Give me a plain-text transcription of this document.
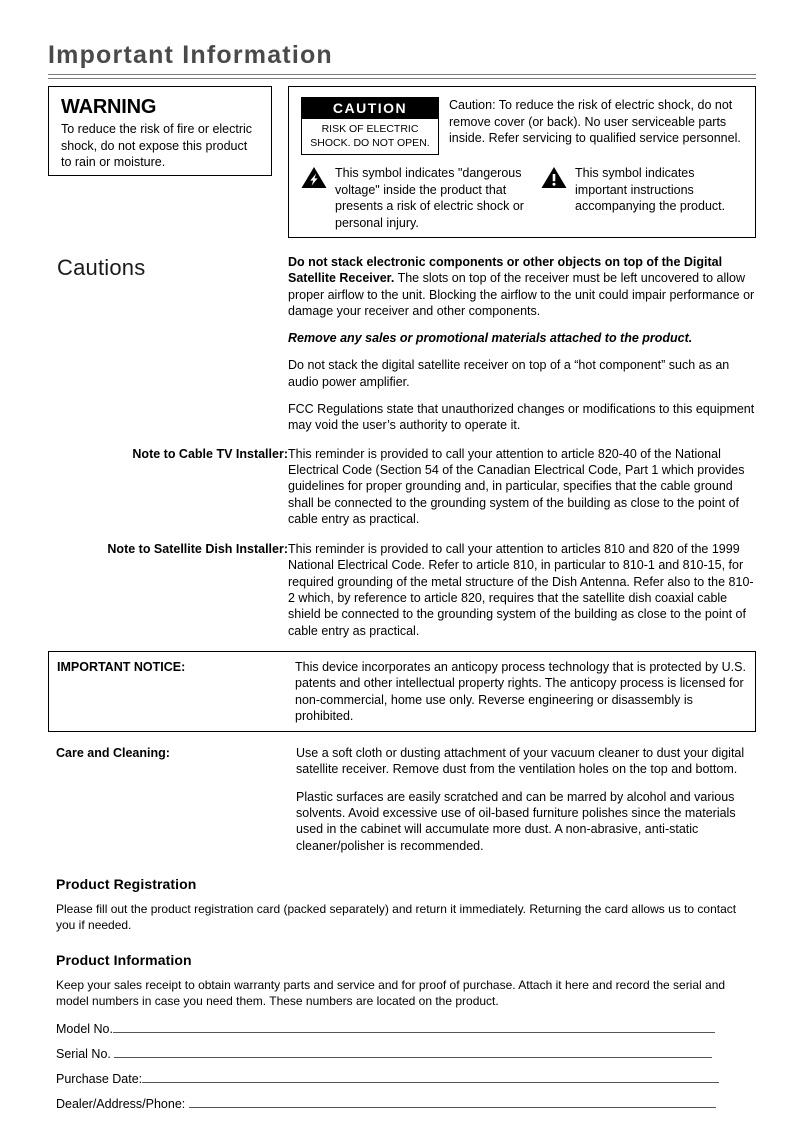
Important Information
WARNING
To reduce the risk of fire or electric shock, do not expose this product to rain or moisture.
CAUTION
RISK OF ELECTRIC
SHOCK. DO NOT OPEN.
Caution: To reduce the risk of electric shock, do not remove cover (or back). No user serviceable parts inside. Refer servicing to qualified service personnel.
This symbol indicates "dangerous voltage" inside the product that presents a risk of electric shock or personal injury.
This symbol indicates important instructions accompanying the product.
Cautions	Do not stack electronic components or other objects on top of the Digital Satellite Receiver. The slots on top of the receiver must be left uncovered to allow proper airflow to the unit. Blocking the airflow to the unit could impair performance or damage your receiver and other components.

Remove any sales or promotional materials attached to the product.

Do not stack the digital satellite receiver on top of a “hot component” such as an audio power amplifier.

FCC Regulations state that unauthorized changes or modifications to this equipment may void the user’s authority to operate it.

Note to Cable TV Installer: This reminder is provided to call your attention to article 820-40 of the National Electrical Code (Section 54 of the Canadian Electrical Code, Part 1 which provides guidelines for proper grounding and, in particular, specifies that the cable ground shall be connected to the grounding system of the building as close to the point of cable entry as practical.
Note to Satellite Dish Installer: This reminder is provided to call your attention to articles 810 and 820 of the 1999 National Electrical Code. Refer to article 810, in particular to 810-1 and 810-15, for required grounding of the metal structure of the Dish Antenna. Refer also to the 810-2 which, by reference to article 820, requires that the satellite dish coaxial cable shield be connected to the grounding system of the building as close to the point of cable entry as practical.
IMPORTANT NOTICE:	This device incorporates an anticopy process technology that is protected by U.S. patents and other intellectual property rights. The anticopy process is licensed for non-commercial, home use only. Reverse engineering or disassembly is prohibited.
Care and Cleaning:	Use a soft cloth or dusting attachment of your vacuum cleaner to dust your digital satellite receiver. Remove dust from the ventilation holes on the top and bottom.

Plastic surfaces are easily scratched and can be marred by alcohol and various solvents. Avoid excessive use of oil-based furniture polishes since the materials used in the cabinet will accumulate more dust. A non-abrasive, anti-static cleaner/polisher is recommended.

Product Registration
Please fill out the product registration card (packed separately) and return it immediately. Returning the card allows us to contact you if needed.
Product Information
Keep your sales receipt to obtain warranty parts and service and for proof of purchase. Attach it here and record the serial and model numbers in case you need them. These numbers are located on the product.
Model No.
Serial No.
Purchase Date:
Dealer/Address/Phone:
